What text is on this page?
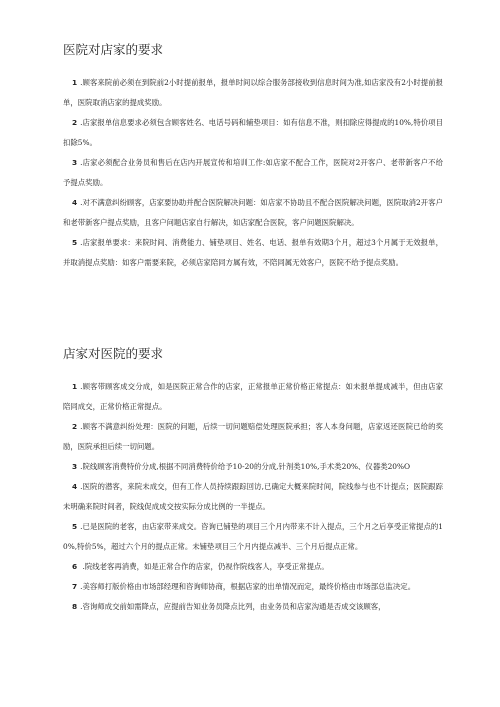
医院对店家的要求

1 .顾客来院前必须在到院前2小时提前报单，报单时间以综合服务部接收到信息时间为准,如店家没有2小时提前报单，医院取消店家的提成奖励。

2 .店家报单信息要求必须包含顾客姓名、电话号码和辅垫项目：如有信息不准，则扣除应得提成的10%,特价项目扣除5%。

3 .店家必须配合业务员和售后在店内开展宣传和培训工作:如店家不配合工作，医院对2开客户、老带新客户不给予提点奖励。

4 .对不满意纠纷顾客，店家要协助并配合医院解决问题：如店家不协助且不配合医院解决问题，医院取消2开客户和老带新客户提点奖励，且客户问题店家自行解决，如店家配合医院，客户问题医院解决。

5 .店家报单要求：来院时间、消费能力、铺垫项目、姓名、电话、报单有效期3个月，超过3个月属于无效报单，并取消提点奖励：如客户需要来院，必须店家陪同方属有效，不陪同属无效客户，医院不给予提点奖励。

店家对医院的要求

1 .顾客带顾客成交分成，如是医院正常合作的店家，正常报单正常价格正常提点：如未报单提成减半，但由店家陪同成交，正常价格正常提点。

2 .顾客不满意纠纷处理：医院的问题，后续一切问题赔偿处理医院承担；客人本身问题，店家返还医院已给的奖励，医院承担后续一切问题。

3 .院线顾客消费特价分成,根据不同消费特价给予10-20的分成,针剂类10%,手术类20%、仪器类20%O

4 .医院的潜客，来院未成交，但有工作人员持续跟踪回访,已确定大概来院时间，院线参与也不计提点；医院跟踪未明确来院时间者，院线促成成交按实际分成比例的一半提点。

5 .已是医院的老客，由店家带来成交。咨询已铺垫的项目三个月内带来不计入提点，三个月之后享受正常提点的10%,特价5%，超过六个月的提点正常。未铺垫项目三个月内提点减半、三个月后提点正常。

6 .院线老客再消费，如是正常合作的店家，仍视作院线客人，享受正常提点。

7 .美容师打版价格由市场部经理和咨询师协商，根据店家的出单情况而定，最终价格由市场部总监决定。

8 .咨询师成交前如需降点，应提前告知业务员降点比列，由业务员和店家沟通是否成交该顾客，
